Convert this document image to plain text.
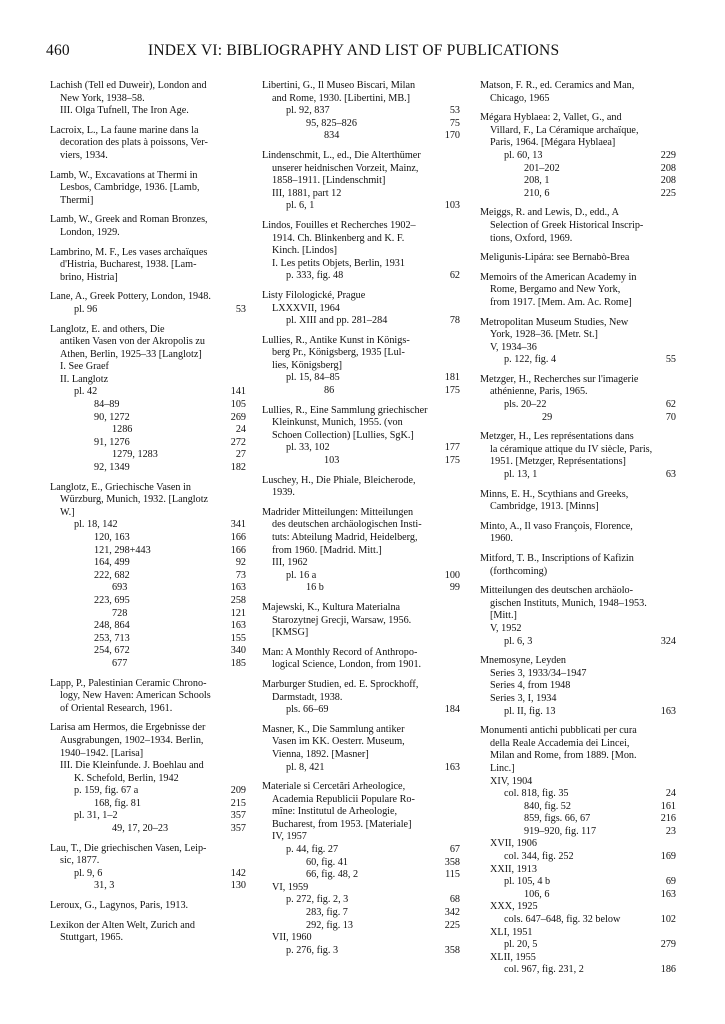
460	INDEX VI: BIBLIOGRAPHY AND LIST OF PUBLICATIONS
Lachish (Tell ed Duweir), London and
New York, 1938–58.
III. Olga Tufnell, The Iron Age.
Lacroix, L., La faune marine dans la
decoration des plats à poissons, Ver-
viers, 1934.
Lamb, W., Excavations at Thermi in
Lesbos, Cambridge, 1936. [Lamb,
Thermi]
Lamb, W., Greek and Roman Bronzes,
London, 1929.
Lambrino, M. F., Les vases archaïques
d'Histria, Bucharest, 1938. [Lam-
brino, Histria]
Lane, A., Greek Pottery, London, 1948.
pl. 96	53
Langlotz, E. and others, Die
antiken Vasen von der Akropolis zu
Athen, Berlin, 1925–33 [Langlotz]
I. See Graef
II. Langlotz
pl. 42	141
84–89	105
90, 1272	269
1286	24
91, 1276	272
1279, 1283	27
92, 1349	182
Langlotz, E., Griechische Vasen in
Würzburg, Munich, 1932. [Langlotz
W.]
pl. 18, 142	341
120, 163	166
121, 298+443	166
164, 499	92
222, 682	73
693	163
223, 695	258
728	121
248, 864	163
253, 713	155
254, 672	340
677	185
Lapp, P., Palestinian Ceramic Chrono-
logy, New Haven: American Schools
of Oriental Research, 1961.
Larisa am Hermos, die Ergebnisse der
Ausgrabungen, 1902–1934. Berlin,
1940–1942. [Larisa]
III. Die Kleinfunde. J. Boehlau and
K. Schefold, Berlin, 1942
p. 159, fig. 67 a	209
168, fig. 81	215
pl. 31, 1–2	357
49, 17, 20–23	357
Lau, T., Die griechischen Vasen, Leip-
sic, 1877.
pl. 9, 6	142
31, 3	130
Leroux, G., Lagynos, Paris, 1913.
Lexikon der Alten Welt, Zurich and
Stuttgart, 1965.
Libertini, G., Il Museo Biscari, Milan
and Rome, 1930. [Libertini, MB.]
pl. 92, 837	53
95, 825–826	75
834	170
Lindenschmit, L., ed., Die Alterthümer
unserer heidnischen Vorzeit, Mainz,
1858–1911. [Lindenschmit]
III, 1881, part 12
pl. 6, 1	103
Lindos, Fouilles et Recherches 1902–
1914. Ch. Blinkenberg and K. F.
Kinch. [Lindos]
I. Les petits Objets, Berlin, 1931
p. 333, fig. 48	62
Listy Filologické, Prague
LXXXVII, 1964
pl. XIII and pp. 281–284	78
Lullies, R., Antike Kunst in Königs-
berg Pr., Königsberg, 1935 [Lul-
lies, Königsberg]
pl. 15, 84–85	181
86	175
Lullies, R., Eine Sammlung griechischer
Kleinkunst, Munich, 1955. (von
Schoen Collection) [Lullies, SgK.]
pl. 33, 102	177
103	175
Luschey, H., Die Phiale, Bleicherode,
1939.
Madrider Mitteilungen: Mitteilungen
des deutschen archäologischen Insti-
tuts: Abteilung Madrid, Heidelberg,
from 1960. [Madrid. Mitt.]
III, 1962
pl. 16 a	100
16 b	99
Majewski, K., Kultura Materialna
Starozytnej Grecji, Warsaw, 1956.
[KMSG]
Man: A Monthly Record of Anthropo-
logical Science, London, from 1901.
Marburger Studien, ed. E. Sprockhoff,
Darmstadt, 1938.
pls. 66–69	184
Masner, K., Die Sammlung antiker
Vasen im KK. Oesterr. Museum,
Vienna, 1892. [Masner]
pl. 8, 421	163
Materiale si Cercetări Arheologice,
Academia Republicii Populare Ro-
mîne: Institutul de Arheologie,
Bucharest, from 1953. [Materiale]
IV, 1957
p. 44, fig. 27	67
60, fig. 41	358
66, fig. 48, 2	115
VI, 1959
p. 272, fig. 2, 3	68
283, fig. 7	342
292, fig. 13	225
VII, 1960
p. 276, fig. 3	358
Matson, F. R., ed. Ceramics and Man,
Chicago, 1965
Mégara Hyblaea: 2, Vallet, G., and
Villard, F., La Céramique archaïque,
Paris, 1964. [Mégara Hyblaea]
pl. 60, 13	229
201–202	208
208, 1	208
210, 6	225
Meiggs, R. and Lewis, D., edd., A
Selection of Greek Historical Inscrip-
tions, Oxford, 1969.
Meligunìs-Lipára: see Bernabò-Brea
Memoirs of the American Academy in
Rome, Bergamo and New York,
from 1917. [Mem. Am. Ac. Rome]
Metropolitan Museum Studies, New
York, 1928–36. [Metr. St.]
V, 1934–36
p. 122, fig. 4	55
Metzger, H., Recherches sur l'imagerie
athénienne, Paris, 1965.
pls. 20–22	62
29	70
Metzger, H., Les représentations dans
la céramique attique du IV siècle, Paris,
1951. [Metzger, Représentations]
pl. 13, 1	63
Minns, E. H., Scythians and Greeks,
Cambridge, 1913. [Minns]
Minto, A., Il vaso François, Florence,
1960.
Mitford, T. B., Inscriptions of Kafizin
(forthcoming)
Mitteilungen des deutschen archäolo-
gischen Instituts, Munich, 1948–1953.
[Mitt.]
V, 1952
pl. 6, 3	324
Mnemosyne, Leyden
Series 3, 1933/34–1947
Series 4, from 1948
Series 3, I, 1934
pl. II, fig. 13	163
Monumenti antichi pubblicati per cura
della Reale Accademia dei Lincei,
Milan and Rome, from 1889. [Mon.
Linc.]
XIV, 1904
col. 818, fig. 35	24
840, fig. 52	161
859, figs. 66, 67	216
919–920, fig. 117	23
XVII, 1906
col. 344, fig. 252	169
XXII, 1913
pl. 105, 4 b	69
106, 6	163
XXX, 1925
cols. 647–648, fig. 32 below	102
XLI, 1951
pl. 20, 5	279
XLII, 1955
col. 967, fig. 231, 2	186
